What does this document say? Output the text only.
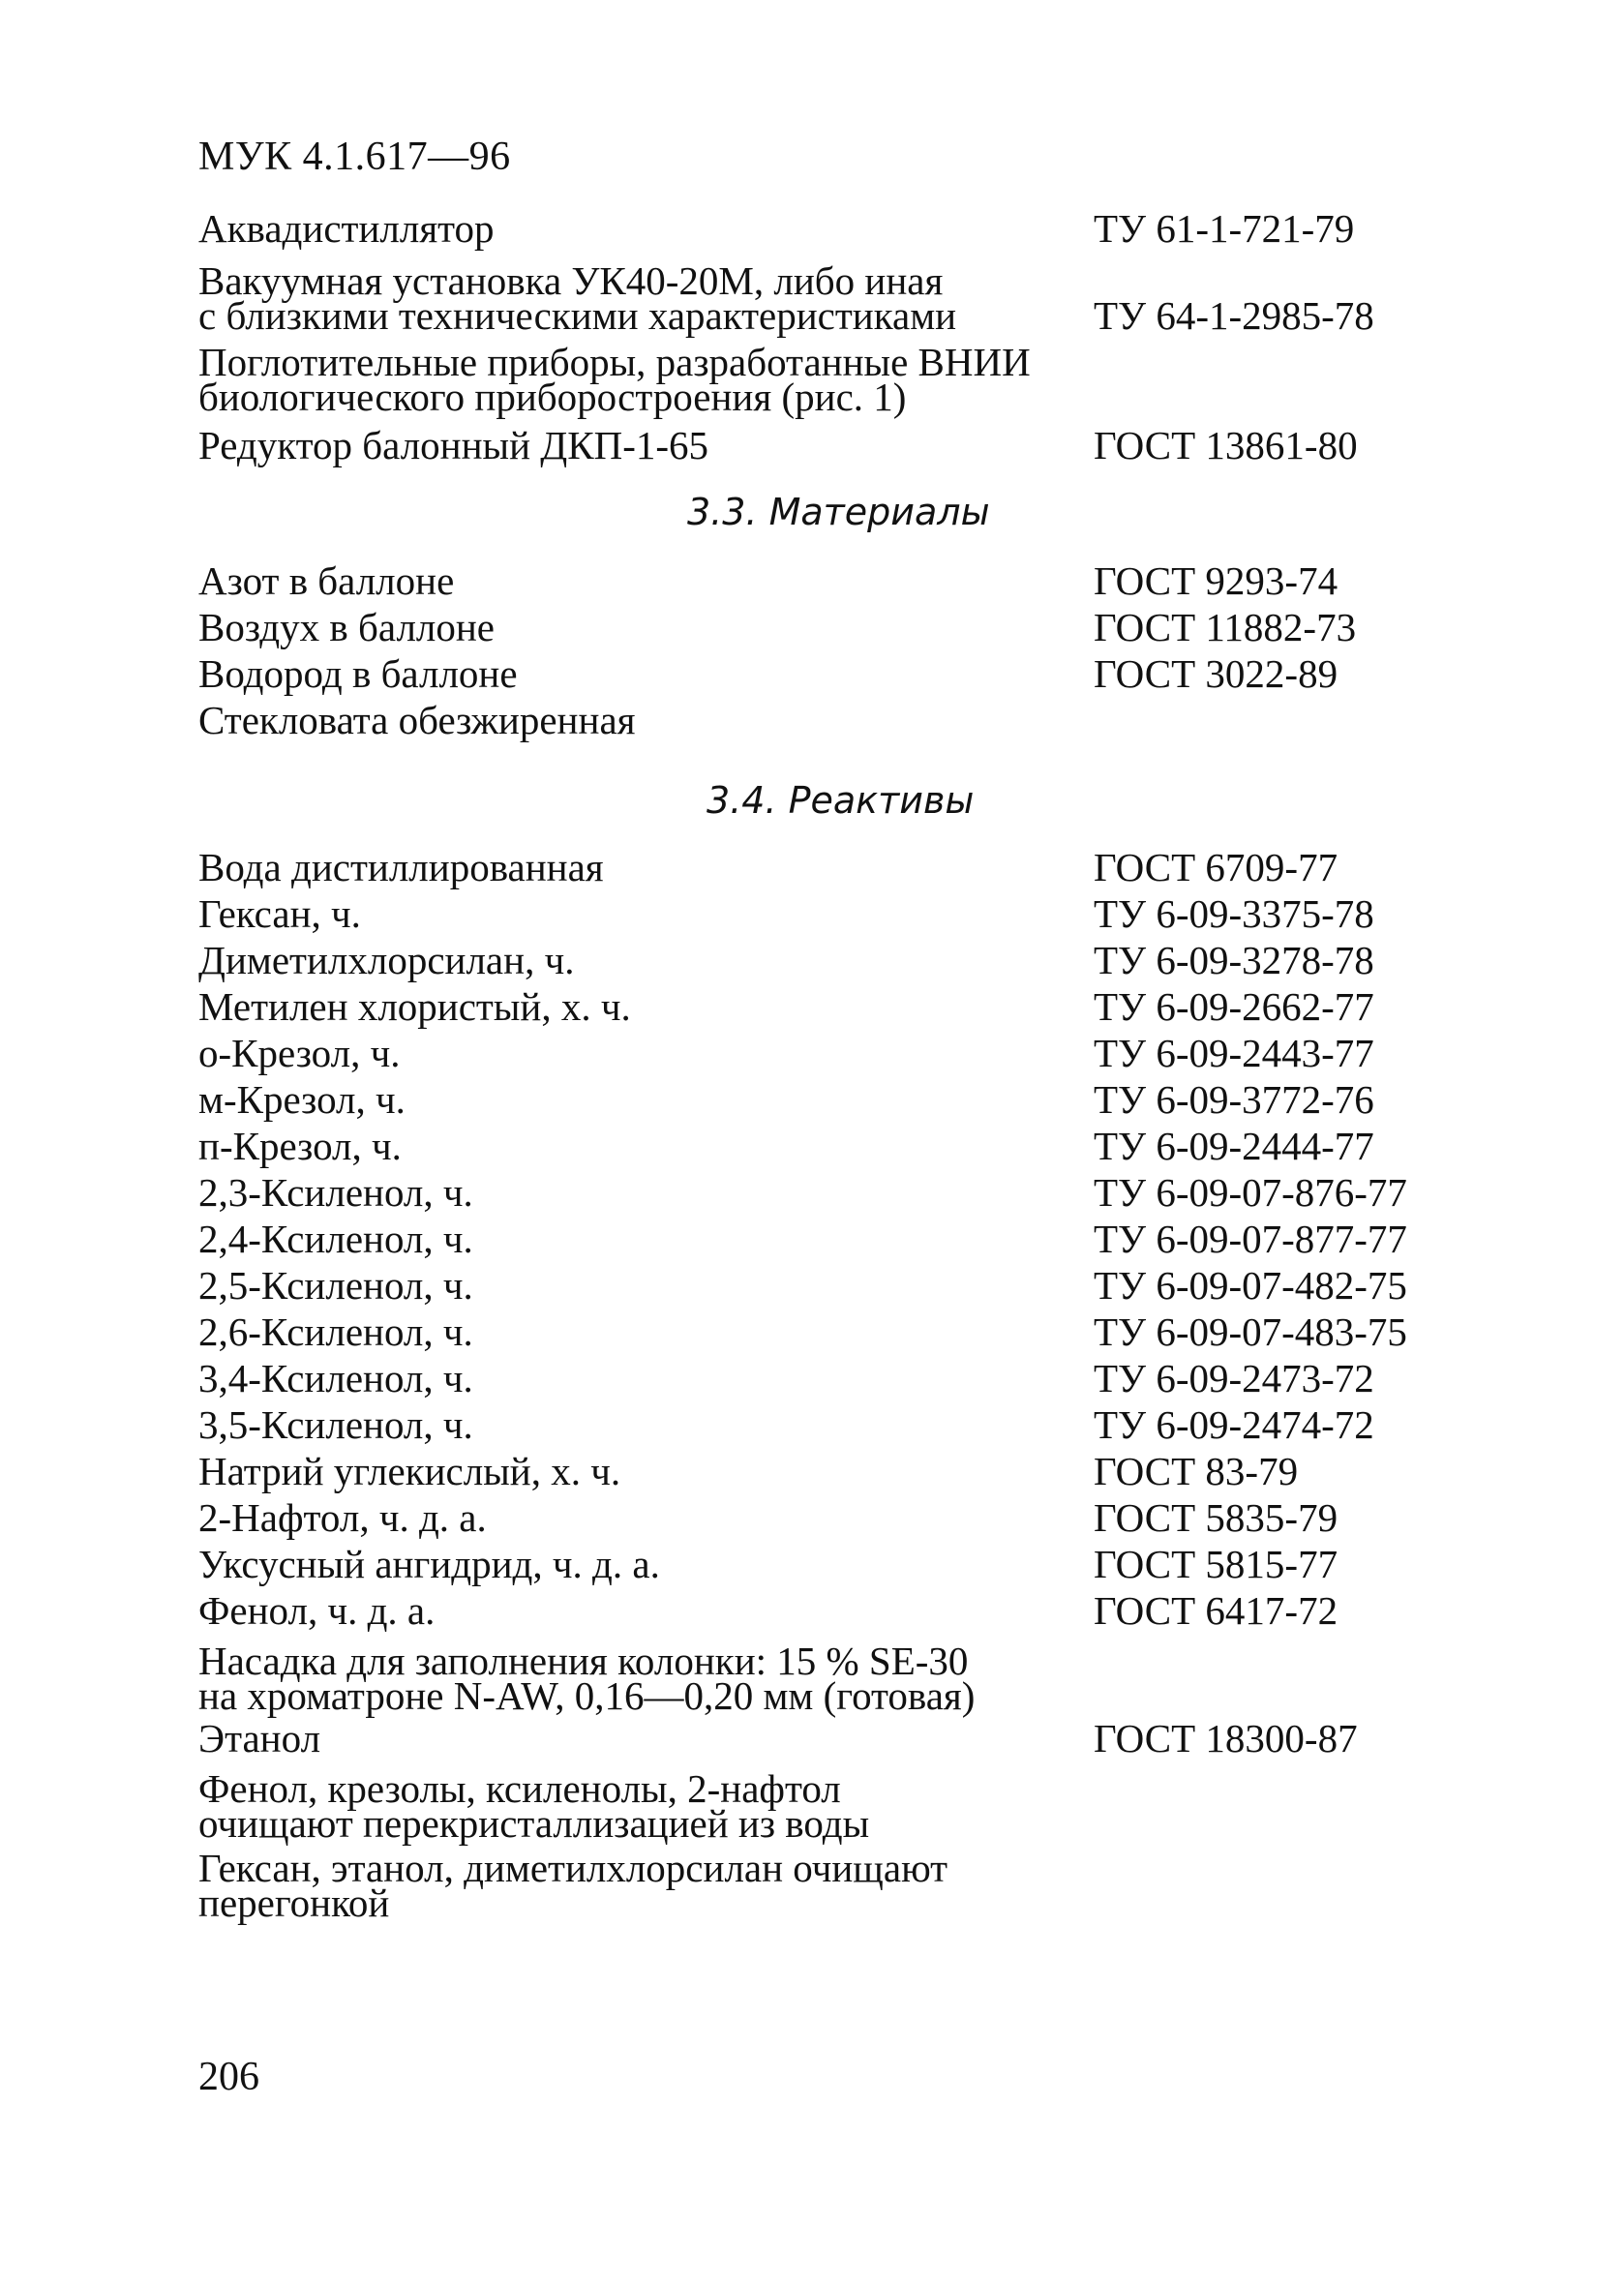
МУК 4.1.617—96
Аквадистиллятор	ТУ 61-1-721-79
Вакуумная установка УК40-20М, либо иная
с близкими техническими характеристиками	ТУ 64-1-2985-78
Поглотительные приборы, разработанные ВНИИ
биологического приборостроения (рис. 1)
Редуктор балонный ДКП-1-65	ГОСТ 13861-80
3.3. Материалы
Азот в баллоне	ГОСТ 9293-74
Воздух в баллоне	ГОСТ 11882-73
Водород в баллоне	ГОСТ 3022-89
Стекловата обезжиренная
3.4. Реактивы
Вода дистиллированная	ГОСТ 6709-77
Гексан, ч.	ТУ 6-09-3375-78
Диметилхлорсилан, ч.	ТУ 6-09-3278-78
Метилен хлористый, х. ч.	ТУ 6-09-2662-77
о-Крезол, ч.	ТУ 6-09-2443-77
м-Крезол, ч.	ТУ 6-09-3772-76
п-Крезол, ч.	ТУ 6-09-2444-77
2,3-Ксиленол, ч.	ТУ 6-09-07-876-77
2,4-Ксиленол, ч.	ТУ 6-09-07-877-77
2,5-Ксиленол, ч.	ТУ 6-09-07-482-75
2,6-Ксиленол, ч.	ТУ 6-09-07-483-75
3,4-Ксиленол, ч.	ТУ 6-09-2473-72
3,5-Ксиленол, ч.	ТУ 6-09-2474-72
Натрий углекислый, х. ч.	ГОСТ 83-79
2-Нафтол, ч. д. а.	ГОСТ 5835-79
Уксусный ангидрид, ч. д. а.	ГОСТ 5815-77
Фенол, ч. д. а.	ГОСТ 6417-72
Насадка для заполнения колонки: 15 % SE-30
на хроматроне N-AW, 0,16—0,20 мм (готовая)
Этанол	ГОСТ 18300-87
Фенол, крезолы, ксиленолы, 2-нафтол
очищают перекристаллизацией из воды
Гексан, этанол, диметилхлорсилан очищают
перегонкой
206
